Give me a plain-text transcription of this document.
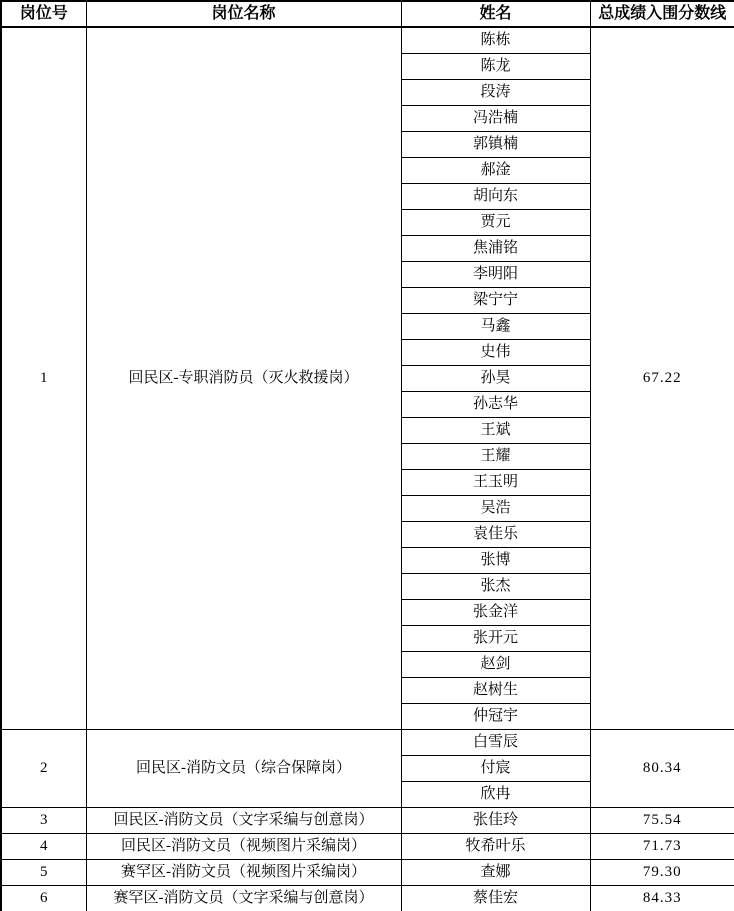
岗位号	岗位名称	姓名	总成绩入围分数线
1	回民区-专职消防员（灭火救援岗）	陈栋	67.22
		陈龙	
		段涛	
		冯浩楠	
		郭镇楠	
		郝淦	
		胡向东	
		贾元	
		焦浦铭	
		李明阳	
		梁宁宁	
		马鑫	
		史伟	
		孙昊	
		孙志华	
		王斌	
		王耀	
		王玉明	
		吴浩	
		袁佳乐	
		张博	
		张杰	
		张金洋	
		张开元	
		赵剑	
		赵树生	
		仲冠宇	
2	回民区-消防文员（综合保障岗）	白雪辰	80.34
		付宸	
		欣冉	
3	回民区-消防文员（文字采编与创意岗）	张佳玲	75.54
4	回民区-消防文员（视频图片采编岗）	牧希叶乐	71.73
5	赛罕区-消防文员（视频图片采编岗）	查娜	79.30
6	赛罕区-消防文员（文字采编与创意岗）	蔡佳宏	84.33
